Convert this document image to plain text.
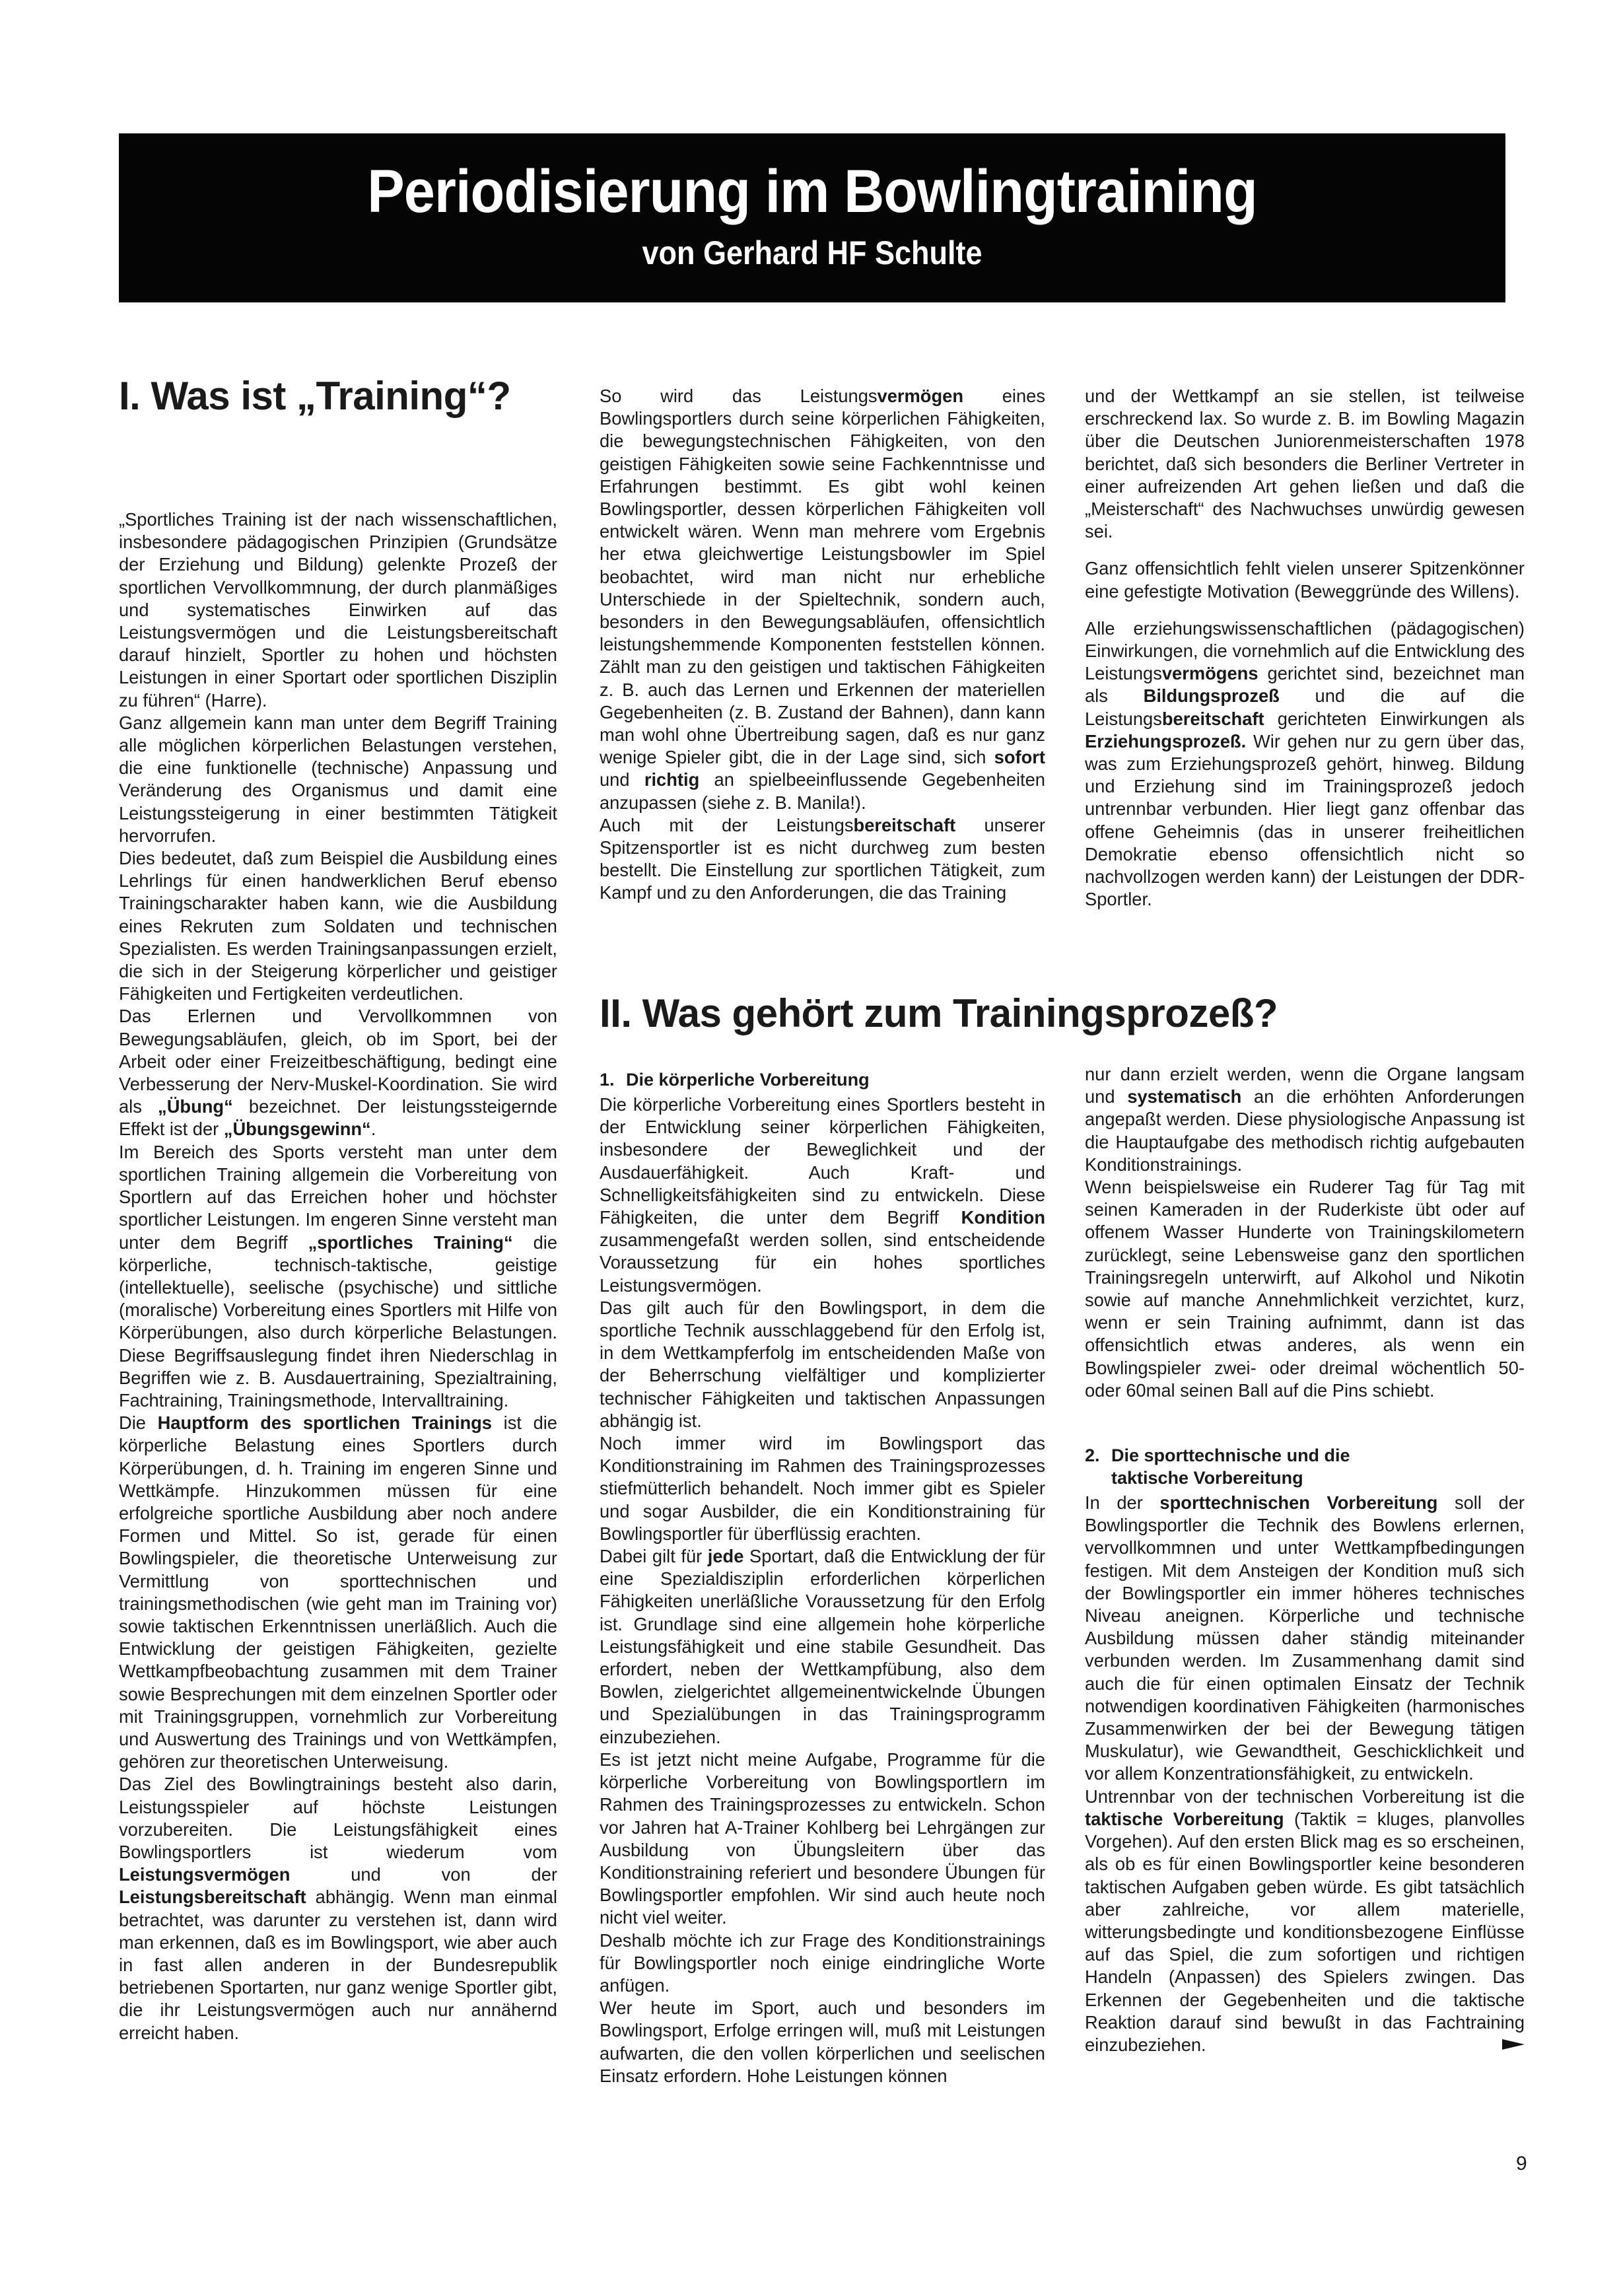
Periodisierung im Bowlingtraining
von Gerhard HF Schulte
I. Was ist „Training“?

„Sportliches Training ist der nach wissenschaftlichen, insbesondere pädagogischen Prinzipien (Grundsätze der Erziehung und Bildung) gelenkte Prozeß der sportlichen Vervollkommnung, der durch planmäßiges und systematisches Einwirken auf das Leistungsvermögen und die Leistungsbereitschaft darauf hinzielt, Sportler zu hohen und höchsten Leistungen in einer Sportart oder sportlichen Disziplin zu führen“ (Harre).

Ganz allgemein kann man unter dem Begriff Training alle möglichen körperlichen Belastungen verstehen, die eine funktionelle (technische) Anpassung und Veränderung des Organismus und damit eine Leistungssteigerung in einer bestimmten Tätigkeit hervorrufen.

Dies bedeutet, daß zum Beispiel die Ausbildung eines Lehrlings für einen handwerklichen Beruf ebenso Trainingscharakter haben kann, wie die Ausbildung eines Rekruten zum Soldaten und technischen Spezialisten. Es werden Trainingsanpassungen erzielt, die sich in der Steigerung körperlicher und geistiger Fähigkeiten und Fertigkeiten verdeutlichen.

Das Erlernen und Vervollkommnen von Bewegungsabläufen, gleich, ob im Sport, bei der Arbeit oder einer Freizeitbeschäftigung, bedingt eine Verbesserung der Nerv-Muskel-Koordination. Sie wird als „Übung“ bezeichnet. Der leistungssteigernde Effekt ist der „Übungsgewinn“.

Im Bereich des Sports versteht man unter dem sportlichen Training allgemein die Vorbereitung von Sportlern auf das Erreichen hoher und höchster sportlicher Leistungen. Im engeren Sinne versteht man unter dem Begriff „sportliches Training“ die körperliche, technisch-taktische, geistige (intellektuelle), seelische (psychische) und sittliche (moralische) Vorbereitung eines Sportlers mit Hilfe von Körperübungen, also durch körperliche Belastungen. Diese Begriffsauslegung findet ihren Niederschlag in Begriffen wie z. B. Ausdauertraining, Spezialtraining, Fachtraining, Trainingsmethode, Intervalltraining.

Die Hauptform des sportlichen Trainings ist die körperliche Belastung eines Sportlers durch Körperübungen, d. h. Training im engeren Sinne und Wettkämpfe. Hinzukommen müssen für eine erfolgreiche sportliche Ausbildung aber noch andere Formen und Mittel. So ist, gerade für einen Bowlingspieler, die theoretische Unterweisung zur Vermittlung von sporttechnischen und trainingsmethodischen (wie geht man im Training vor) sowie taktischen Erkenntnissen unerläßlich. Auch die Entwicklung der geistigen Fähigkeiten, gezielte Wettkampfbeobachtung zusammen mit dem Trainer sowie Besprechungen mit dem einzelnen Sportler oder mit Trainingsgruppen, vornehmlich zur Vorbereitung und Auswertung des Trainings und von Wettkämpfen, gehören zur theoretischen Unterweisung.

Das Ziel des Bowlingtrainings besteht also darin, Leistungsspieler auf höchste Leistungen vorzubereiten. Die Leistungsfähigkeit eines Bowlingsportlers ist wiederum vom Leistungsvermögen und von der Leistungsbereitschaft abhängig. Wenn man einmal betrachtet, was darunter zu verstehen ist, dann wird man erkennen, daß es im Bowlingsport, wie aber auch in fast allen anderen in der Bundesrepublik betriebenen Sportarten, nur ganz wenige Sportler gibt, die ihr Leistungsvermögen auch nur annähernd erreicht haben.

So wird das Leistungsvermögen eines Bowlingsportlers durch seine körperlichen Fähigkeiten, die bewegungstechnischen Fähigkeiten, von den geistigen Fähigkeiten sowie seine Fachkenntnisse und Erfahrungen bestimmt. Es gibt wohl keinen Bowlingsportler, dessen körperlichen Fähigkeiten voll entwickelt wären. Wenn man mehrere vom Ergebnis her etwa gleichwertige Leistungsbowler im Spiel beobachtet, wird man nicht nur erhebliche Unterschiede in der Spieltechnik, sondern auch, besonders in den Bewegungsabläufen, offensichtlich leistungshemmende Komponenten feststellen können. Zählt man zu den geistigen und taktischen Fähigkeiten z. B. auch das Lernen und Erkennen der materiellen Gegebenheiten (z. B. Zustand der Bahnen), dann kann man wohl ohne Übertreibung sagen, daß es nur ganz wenige Spieler gibt, die in der Lage sind, sich sofort und richtig an spielbeeinflussende Gegebenheiten anzupassen (siehe z. B. Manila!).

Auch mit der Leistungsbereitschaft unserer Spitzensportler ist es nicht durchweg zum besten bestellt. Die Einstellung zur sportlichen Tätigkeit, zum Kampf und zu den Anforderungen, die das Training

und der Wettkampf an sie stellen, ist teilweise erschreckend lax. So wurde z. B. im Bowling Magazin über die Deutschen Juniorenmeisterschaften 1978 berichtet, daß sich besonders die Berliner Vertreter in einer aufreizenden Art gehen ließen und daß die „Meisterschaft“ des Nachwuchses unwürdig gewesen sei.

Ganz offensichtlich fehlt vielen unserer Spitzenkönner eine gefestigte Motivation (Beweggründe des Willens).

Alle erziehungswissenschaftlichen (pädagogischen) Einwirkungen, die vornehmlich auf die Entwicklung des Leistungsvermögens gerichtet sind, bezeichnet man als Bildungsprozeß und die auf die Leistungsbereitschaft gerichteten Einwirkungen als Erziehungsprozeß. Wir gehen nur zu gern über das, was zum Erziehungsprozeß gehört, hinweg. Bildung und Erziehung sind im Trainingsprozeß jedoch untrennbar verbunden. Hier liegt ganz offenbar das offene Geheimnis (das in unserer freiheitlichen Demokratie ebenso offensichtlich nicht so nachvollzogen werden kann) der Leistungen der DDR-Sportler.

II. Was gehört zum Trainingsprozeß?
1. Die körperliche Vorbereitung

Die körperliche Vorbereitung eines Sportlers besteht in der Entwicklung seiner körperlichen Fähigkeiten, insbesondere der Beweglichkeit und der Ausdauerfähigkeit. Auch Kraft- und Schnelligkeitsfähigkeiten sind zu entwickeln. Diese Fähigkeiten, die unter dem Begriff Kondition zusammengefaßt werden sollen, sind entscheidende Voraussetzung für ein hohes sportliches Leistungsvermögen.

Das gilt auch für den Bowlingsport, in dem die sportliche Technik ausschlaggebend für den Erfolg ist, in dem Wettkampferfolg im entscheidenden Maße von der Beherrschung vielfältiger und komplizierter technischer Fähigkeiten und taktischen Anpassungen abhängig ist.

Noch immer wird im Bowlingsport das Konditionstraining im Rahmen des Trainingsprozesses stiefmütterlich behandelt. Noch immer gibt es Spieler und sogar Ausbilder, die ein Konditionstraining für Bowlingsportler für überflüssig erachten.

Dabei gilt für jede Sportart, daß die Entwicklung der für eine Spezialdisziplin erforderlichen körperlichen Fähigkeiten unerläßliche Voraussetzung für den Erfolg ist. Grundlage sind eine allgemein hohe körperliche Leistungsfähigkeit und eine stabile Gesundheit. Das erfordert, neben der Wettkampfübung, also dem Bowlen, zielgerichtet allgemeinentwickelnde Übungen und Spezialübungen in das Trainingsprogramm einzubeziehen.

Es ist jetzt nicht meine Aufgabe, Programme für die körperliche Vorbereitung von Bowlingsportlern im Rahmen des Trainingsprozesses zu entwickeln. Schon vor Jahren hat A-Trainer Kohlberg bei Lehrgängen zur Ausbildung von Übungsleitern über das Konditionstraining referiert und besondere Übungen für Bowlingsportler empfohlen. Wir sind auch heute noch nicht viel weiter.

Deshalb möchte ich zur Frage des Konditionstrainings für Bowlingsportler noch einige eindringliche Worte anfügen.

Wer heute im Sport, auch und besonders im Bowlingsport, Erfolge erringen will, muß mit Leistungen aufwarten, die den vollen körperlichen und seelischen Einsatz erfordern. Hohe Leistungen können

nur dann erzielt werden, wenn die Organe langsam und systematisch an die erhöhten Anforderungen angepaßt werden. Diese physiologische Anpassung ist die Hauptaufgabe des methodisch richtig aufgebauten Konditionstrainings.

Wenn beispielsweise ein Ruderer Tag für Tag mit seinen Kameraden in der Ruderkiste übt oder auf offenem Wasser Hunderte von Trainingskilometern zurücklegt, seine Lebensweise ganz den sportlichen Trainingsregeln unterwirft, auf Alkohol und Nikotin sowie auf manche Annehmlichkeit verzichtet, kurz, wenn er sein Training aufnimmt, dann ist das offensichtlich etwas anderes, als wenn ein Bowlingspieler zwei- oder dreimal wöchentlich 50- oder 60mal seinen Ball auf die Pins schiebt.

2. Die sporttechnische und die
taktische Vorbereitung

In der sporttechnischen Vorbereitung soll der Bowlingsportler die Technik des Bowlens erlernen, vervollkommnen und unter Wettkampfbedingungen festigen. Mit dem Ansteigen der Kondition muß sich der Bowlingsportler ein immer höheres technisches Niveau aneignen. Körperliche und technische Ausbildung müssen daher ständig miteinander verbunden werden. Im Zusammenhang damit sind auch die für einen optimalen Einsatz der Technik notwendigen koordinativen Fähigkeiten (harmonisches Zusammenwirken der bei der Bewegung tätigen Muskulatur), wie Gewandtheit, Geschicklichkeit und vor allem Konzentrationsfähigkeit, zu entwickeln.

Untrennbar von der technischen Vorbereitung ist die taktische Vorbereitung (Taktik = kluges, planvolles Vorgehen). Auf den ersten Blick mag es so erscheinen, als ob es für einen Bowlingsportler keine besonderen taktischen Aufgaben geben würde. Es gibt tatsächlich aber zahlreiche, vor allem materielle, witterungsbedingte und konditionsbezogene Einflüsse auf das Spiel, die zum sofortigen und richtigen Handeln (Anpassen) des Spielers zwingen. Das Erkennen der Gegebenheiten und die taktische Reaktion darauf sind bewußt in das Fachtraining einzubeziehen.

9
